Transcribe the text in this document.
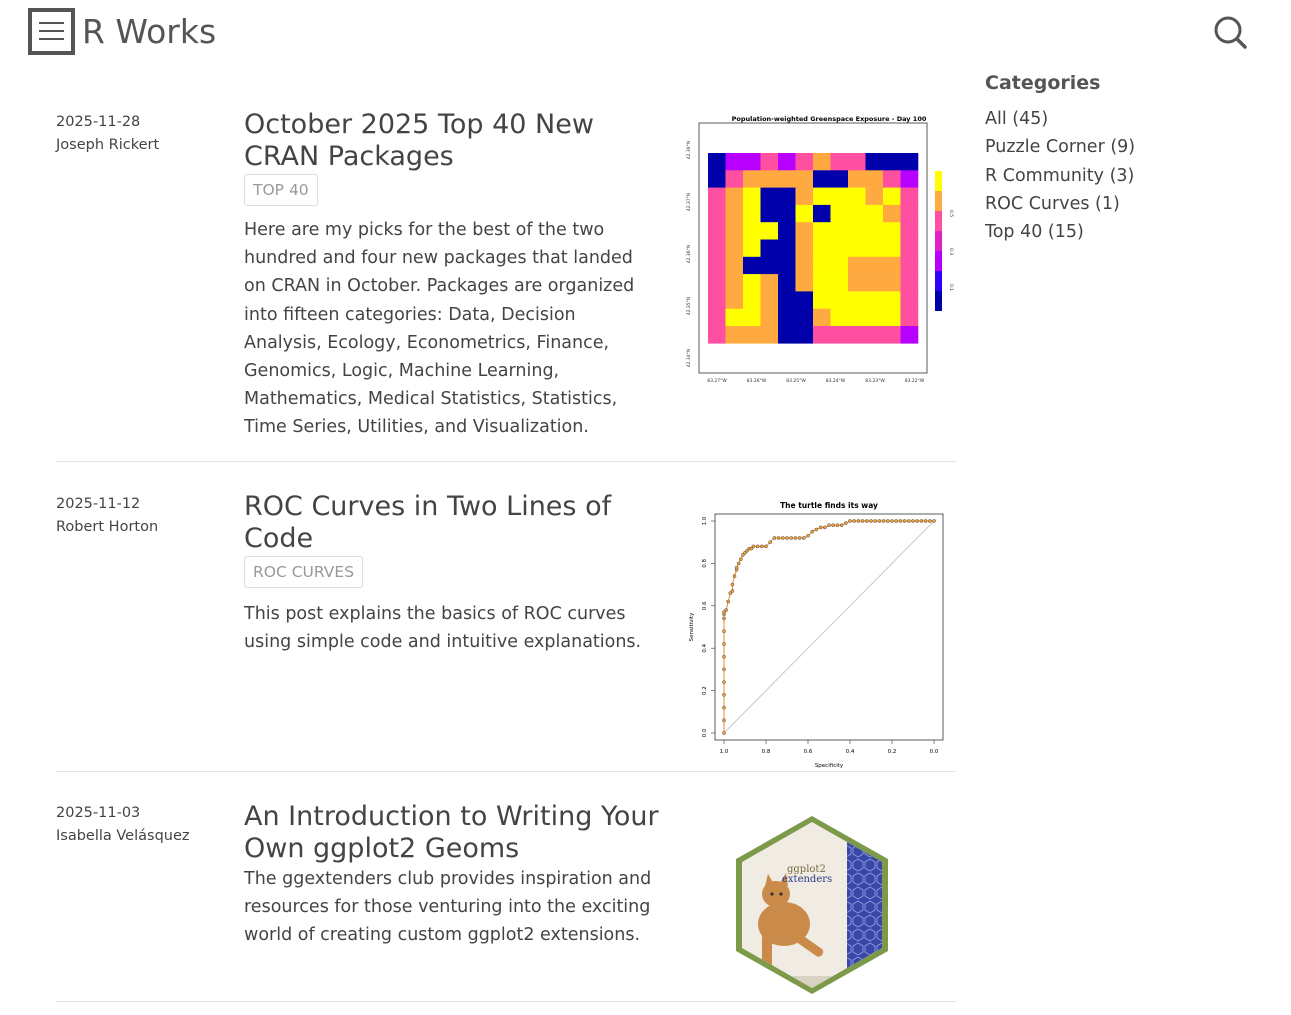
R Works
2025-11-28
Joseph Rickert
October 2025 Top 40 New CRAN Packages
TOP 40
Here are my picks for the best of the two hundred and four new packages that landed on CRAN in October. Packages are organized into fifteen categories: Data, Decision Analysis, Ecology, Econometrics, Finance, Genomics, Logic, Machine Learning, Mathematics, Medical Statistics, Statistics, Time Series, Utilities, and Visualization.
Population-weighted Greenspace Exposure - Day 100
42.39°N
42.37°N
42.36°N
42.35°N
42.34°N
83.27°W	83.26°W	83.25°W	83.24°W	83.23°W	83.22°W
0.5
0.3
0.1
2025-11-12
Robert Horton
ROC Curves in Two Lines of Code
ROC CURVES
This post explains the basics of ROC curves using simple code and intuitive explanations.
The turtle finds its way
1.0	0.8	0.6	0.4	0.2	0.0
0.0
0.2
0.4
0.6
0.8
1.0
Specificity
Sensitivity
2025-11-03
Isabella Velásquez
An Introduction to Writing Your Own ggplot2 Geoms
The ggextenders club provides inspiration and resources for those venturing into the exciting world of creating custom ggplot2 extensions.
ggplot2
extenders
Categories
All (45)
Puzzle Corner (9)
R Community (3)
ROC Curves (1)
Top 40 (15)
